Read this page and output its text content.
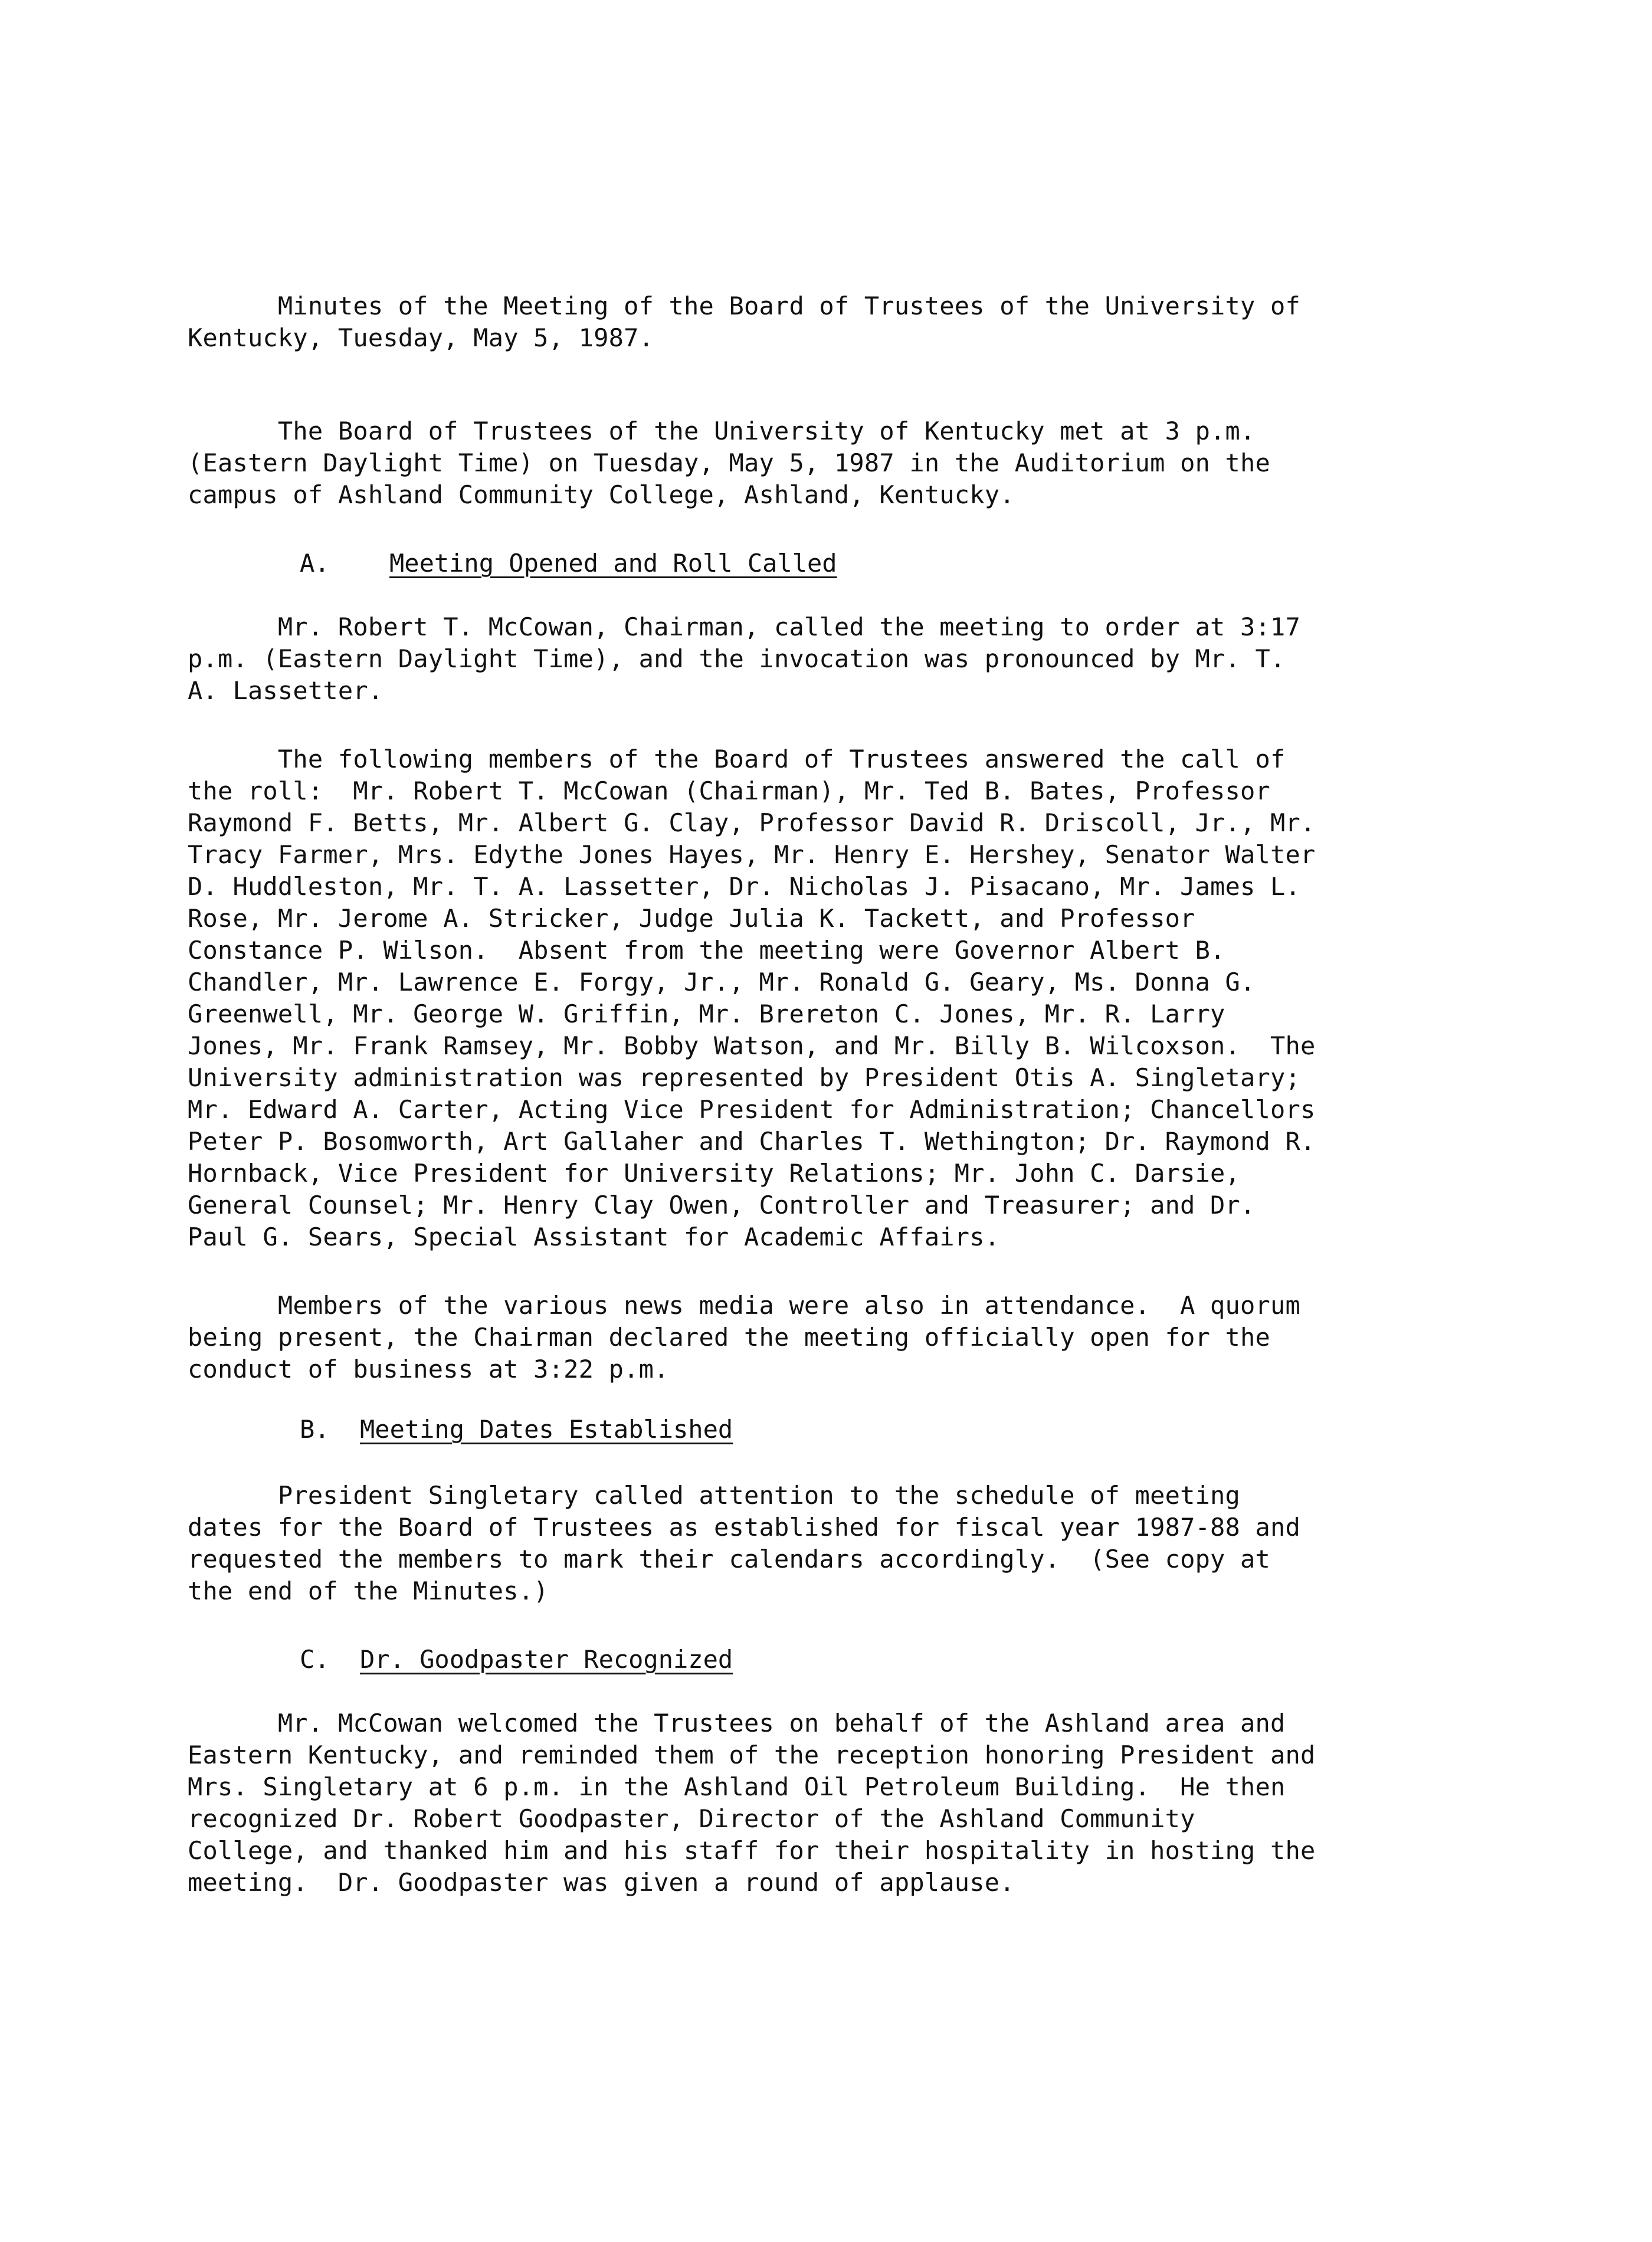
Minutes of the Meeting of the Board of Trustees of the University of
Kentucky, Tuesday, May 5, 1987.
The Board of Trustees of the University of Kentucky met at 3 p.m.
(Eastern Daylight Time) on Tuesday, May 5, 1987 in the Auditorium on the
campus of Ashland Community College, Ashland, Kentucky.

A.

Meeting Opened and Roll Called

Mr. Robert T. McCowan, Chairman, called the meeting to order at 3:17
p.m. (Eastern Daylight Time), and the invocation was pronounced by Mr. T.
A. Lassetter.
The following members of the Board of Trustees answered the call of
the roll:  Mr. Robert T. McCowan (Chairman), Mr. Ted B. Bates, Professor
Raymond F. Betts, Mr. Albert G. Clay, Professor David R. Driscoll, Jr., Mr.
Tracy Farmer, Mrs. Edythe Jones Hayes, Mr. Henry E. Hershey, Senator Walter
D. Huddleston, Mr. T. A. Lassetter, Dr. Nicholas J. Pisacano, Mr. James L.
Rose, Mr. Jerome A. Stricker, Judge Julia K. Tackett, and Professor
Constance P. Wilson.  Absent from the meeting were Governor Albert B.
Chandler, Mr. Lawrence E. Forgy, Jr., Mr. Ronald G. Geary, Ms. Donna G.
Greenwell, Mr. George W. Griffin, Mr. Brereton C. Jones, Mr. R. Larry
Jones, Mr. Frank Ramsey, Mr. Bobby Watson, and Mr. Billy B. Wilcoxson.  The
University administration was represented by President Otis A. Singletary;
Mr. Edward A. Carter, Acting Vice President for Administration; Chancellors
Peter P. Bosomworth, Art Gallaher and Charles T. Wethington; Dr. Raymond R.
Hornback, Vice President for University Relations; Mr. John C. Darsie,
General Counsel; Mr. Henry Clay Owen, Controller and Treasurer; and Dr.
Paul G. Sears, Special Assistant for Academic Affairs.
Members of the various news media were also in attendance.  A quorum
being present, the Chairman declared the meeting officially open for the
conduct of business at 3:22 p.m.

B.

Meeting Dates Established

President Singletary called attention to the schedule of meeting
dates for the Board of Trustees as established for fiscal year 1987-88 and
requested the members to mark their calendars accordingly.  (See copy at
the end of the Minutes.)

C.

Dr. Goodpaster Recognized

Mr. McCowan welcomed the Trustees on behalf of the Ashland area and
Eastern Kentucky, and reminded them of the reception honoring President and
Mrs. Singletary at 6 p.m. in the Ashland Oil Petroleum Building.  He then
recognized Dr. Robert Goodpaster, Director of the Ashland Community
College, and thanked him and his staff for their hospitality in hosting the
meeting.  Dr. Goodpaster was given a round of applause.
